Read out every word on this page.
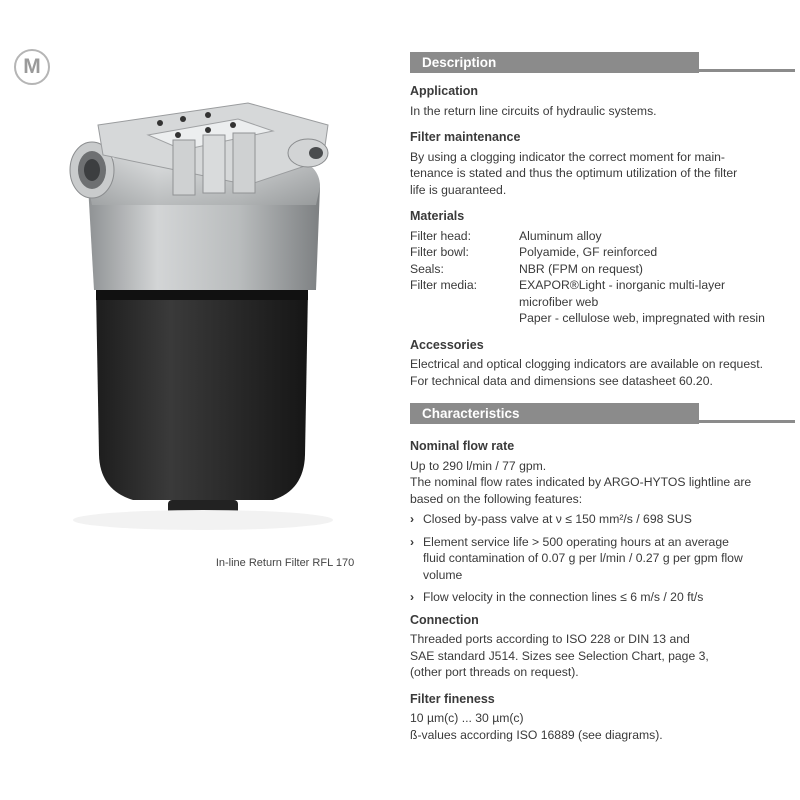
M
In-line Return Filter RFL 170
Description
Application

In the return line circuits of hydraulic systems.

Filter maintenance
By using a clogging indicator the correct moment for main-
tenance is stated and thus the optimum utilization of the filter
life is guaranteed.
Materials
Filter head:	Aluminum alloy
Filter bowl:	Polyamide, GF reinforced
Seals:	NBR (FPM on request)
Filter media:	EXAPOR®Light - inorganic multi-layer
microfiber web
Paper - cellulose web, impregnated with resin
Accessories
Electrical and optical clogging indicators are available on request.
For technical data and dimensions see datasheet 60.20.
Characteristics
Nominal flow rate
Up to 290 l/min / 77 gpm.
The nominal flow rates indicated by ARGO-HYTOS lightline are
based on the following features:
› Closed by-pass valve at ν ≤ 150 mm²/s / 698 SUS
› Element service life > 500 operating hours at an average
fluid contamination of 0.07 g per l/min / 0.27 g per gpm flow
volume
› Flow velocity in the connection lines ≤ 6 m/s / 20 ft/s
Connection
Threaded ports according to ISO 228 or DIN 13 and
SAE standard J514. Sizes see Selection Chart, page 3,
(other port threads on request).
Filter fineness
10 µm(c) ... 30 µm(c)
ß-values according ISO 16889 (see diagrams).
